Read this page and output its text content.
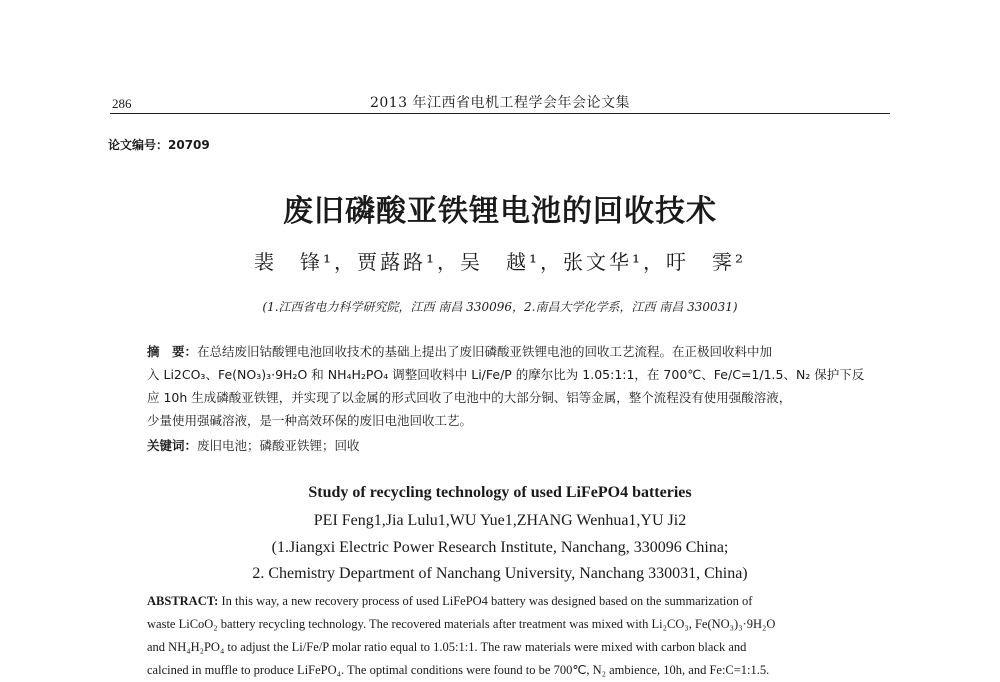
286	2013 年江西省电机工程学会年会论文集
论文编号：20709
废旧磷酸亚铁锂电池的回收技术
裴　锋¹，贾蕗路¹，吴　越¹，张文华¹，吁　霁²
(1.江西省电力科学研究院，江西 南昌 330096，2.南昌大学化学系，江西 南昌 330031)
摘　要：在总结废旧钴酸锂电池回收技术的基础上提出了废旧磷酸亚铁锂电池的回收工艺流程。在正极回收料中加
入 Li2CO₃、Fe(NO₃)₃·9H₂O 和 NH₄H₂PO₄ 调整回收料中 Li/Fe/P 的摩尔比为 1.05:1:1，在 700℃、Fe/C=1/1.5、N₂ 保护下反
应 10h 生成磷酸亚铁锂，并实现了以金属的形式回收了电池中的大部分铜、铝等金属，整个流程没有使用强酸溶液，
少量使用强碱溶液，是一种高效环保的废旧电池回收工艺。
关键词：废旧电池；磷酸亚铁锂；回收
Study of recycling technology of used LiFePO4 batteries
PEI Feng1,Jia Lulu1,WU Yue1,ZHANG Wenhua1,YU Ji2
(1.Jiangxi Electric Power Research Institute, Nanchang, 330096 China;
2. Chemistry Department of Nanchang University, Nanchang 330031, China)
ABSTRACT: In this way, a new recovery process of used LiFePO4 battery was designed based on the summarization of
waste LiCoO₂ battery recycling technology. The recovered materials after treatment was mixed with Li₂CO₃, Fe(NO₃)₃·9H₂O
and NH₄H₂PO₄ to adjust the Li/Fe/P molar ratio equal to 1.05:1:1. The raw materials were mixed with carbon black and
calcined in muffle to produce LiFePO₄. The optimal conditions were found to be 700℃, N₂ ambience, 10h, and Fe:C=1:1.5.
